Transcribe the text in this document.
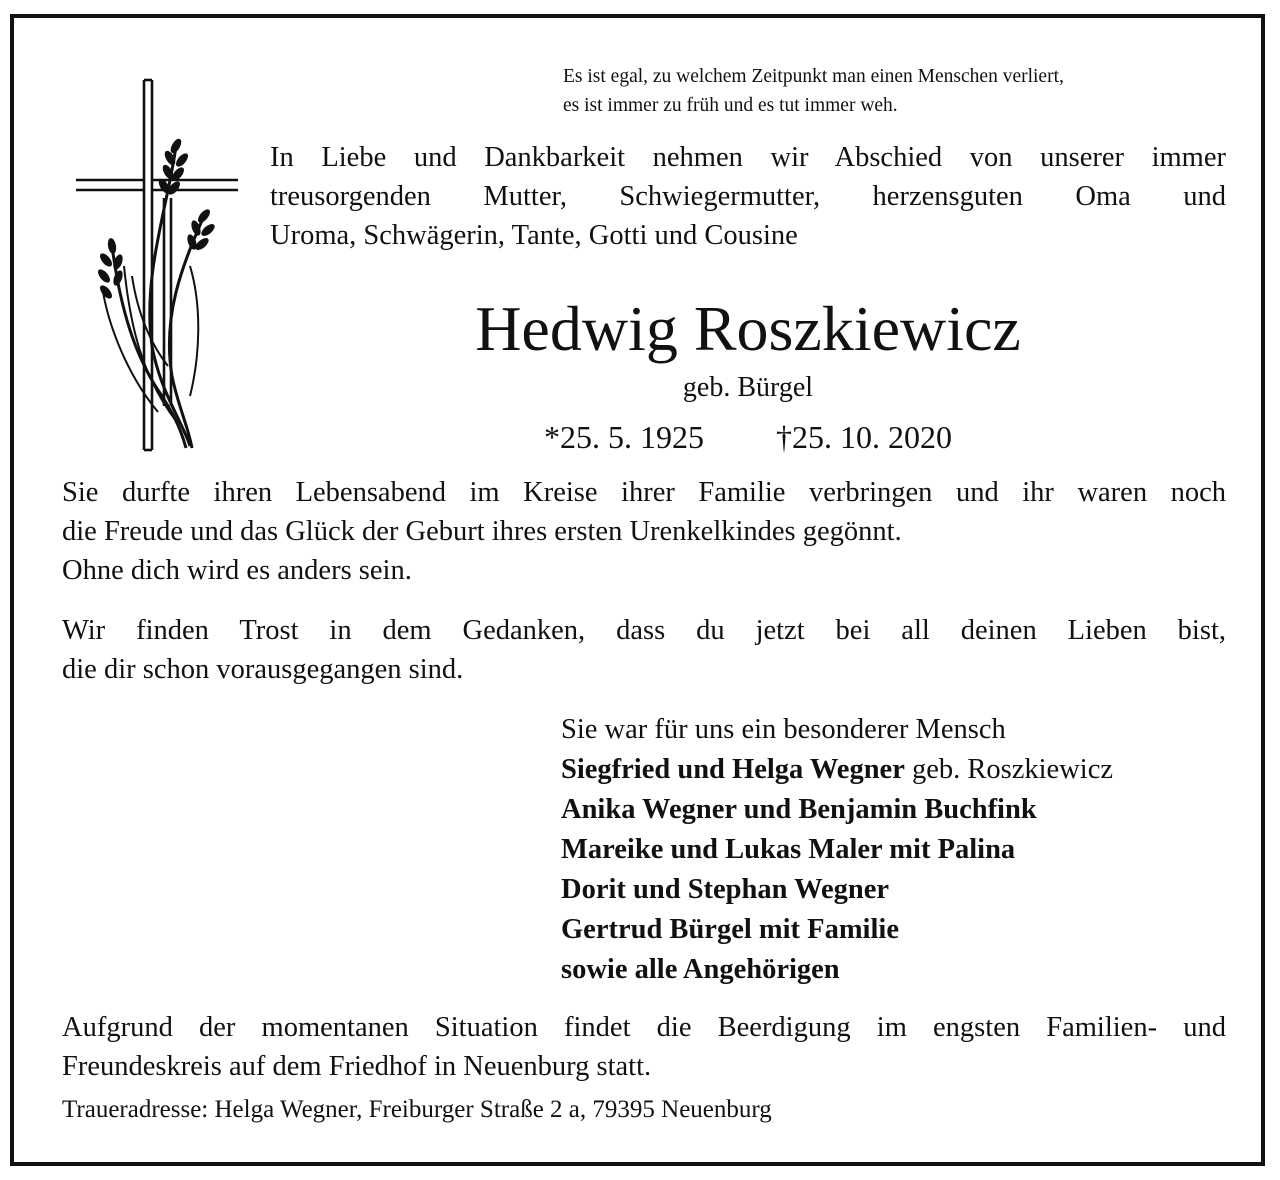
Es ist egal, zu welchem Zeitpunkt man einen Menschen verliert,
es ist immer zu früh und es tut immer weh.
In Liebe und Dankbarkeit nehmen wir Abschied von unserer immer
treusorgenden Mutter, Schwiegermutter, herzensguten Oma und
Uroma, Schwägerin, Tante, Gotti und Cousine
Hedwig Roszkiewicz
geb. Bürgel
*25. 5. 1925 †25. 10. 2020
Sie durfte ihren Lebensabend im Kreise ihrer Familie verbringen und ihr waren noch
die Freude und das Glück der Geburt ihres ersten Urenkelkindes gegönnt.
Ohne dich wird es anders sein.
Wir finden Trost in dem Gedanken, dass du jetzt bei all deinen Lieben bist,
die dir schon vorausgegangen sind.
Sie war für uns ein besonderer Mensch
Siegfried und Helga Wegner geb. Roszkiewicz
Anika Wegner und Benjamin Buchfink
Mareike und Lukas Maler mit Palina
Dorit und Stephan Wegner
Gertrud Bürgel mit Familie
sowie alle Angehörigen
Aufgrund der momentanen Situation findet die Beerdigung im engsten Familien- und
Freundeskreis auf dem Friedhof in Neuenburg statt.
Traueradresse: Helga Wegner, Freiburger Straße 2 a, 79395 Neuenburg
